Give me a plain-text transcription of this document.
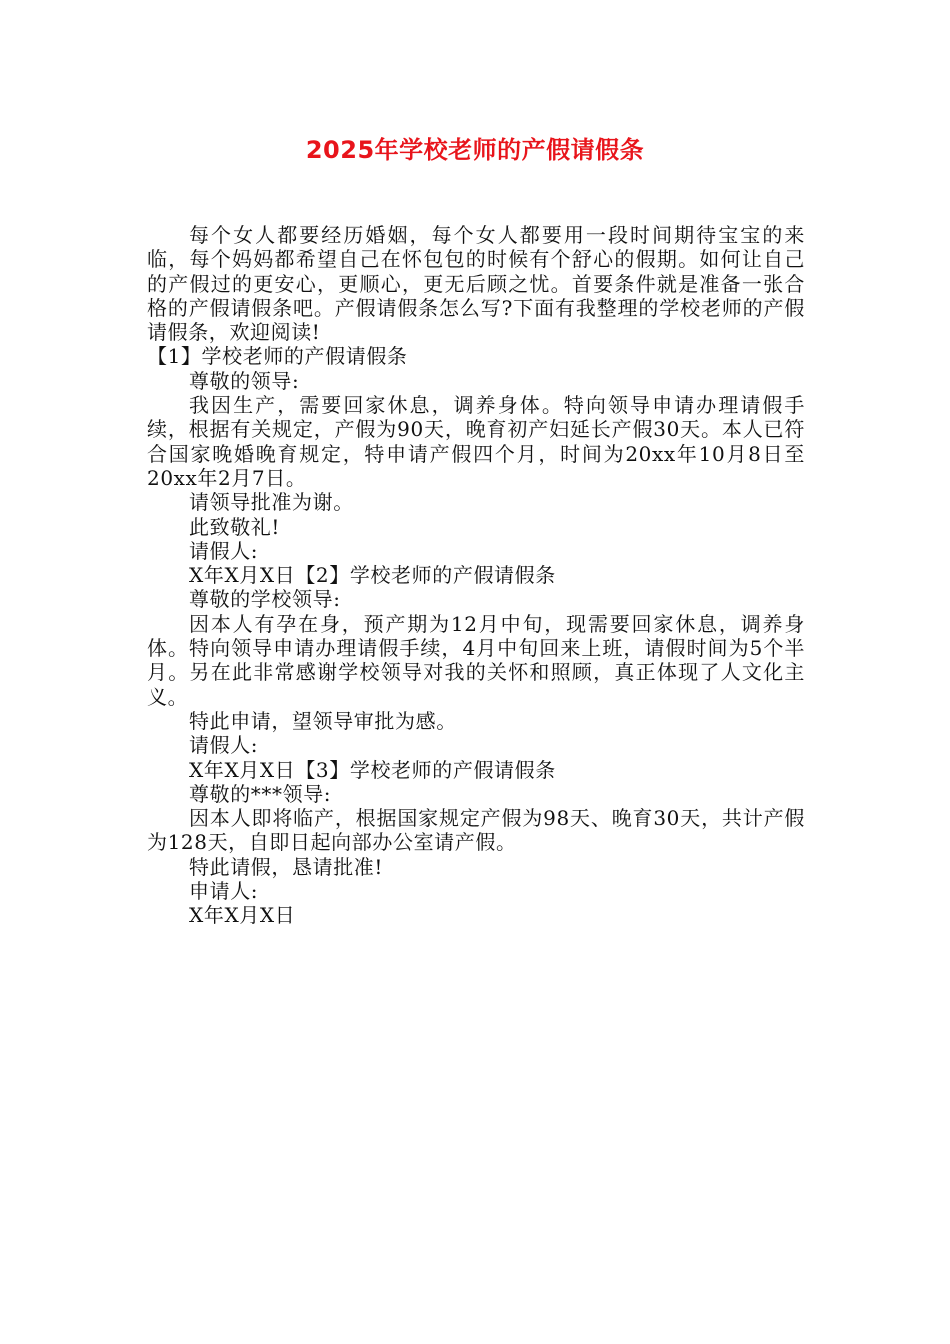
2025年学校老师的产假请假条

每个女人都要经历婚姻，每个女人都要用一段时间期待宝宝的来临，每个妈妈都希望自己在怀包包的时候有个舒心的假期。如何让自己的产假过的更安心，更顺心，更无后顾之忧。首要条件就是准备一张合格的产假请假条吧。产假请假条怎么写?下面有我整理的学校老师的产假请假条，欢迎阅读!

【1】学校老师的产假请假条

尊敬的领导:

我因生产，需要回家休息，调养身体。特向领导申请办理请假手续，根据有关规定，产假为90天，晚育初产妇延长产假30天。本人已符合国家晚婚晚育规定，特申请产假四个月，时间为20xx年10月8日至20xx年2月7日。

请领导批准为谢。

此致敬礼!

请假人:

X年X月X日【2】学校老师的产假请假条

尊敬的学校领导:

因本人有孕在身，预产期为12月中旬，现需要回家休息，调养身体。特向领导申请办理请假手续，4月中旬回来上班，请假时间为5个半月。另在此非常感谢学校领导对我的关怀和照顾，真正体现了人文化主义。

特此申请，望领导审批为感。

请假人:

X年X月X日【3】学校老师的产假请假条

尊敬的***领导:

因本人即将临产，根据国家规定产假为98天、晚育30天，共计产假为128天，自即日起向部办公室请产假。

特此请假，恳请批准!

申请人:

X年X月X日
